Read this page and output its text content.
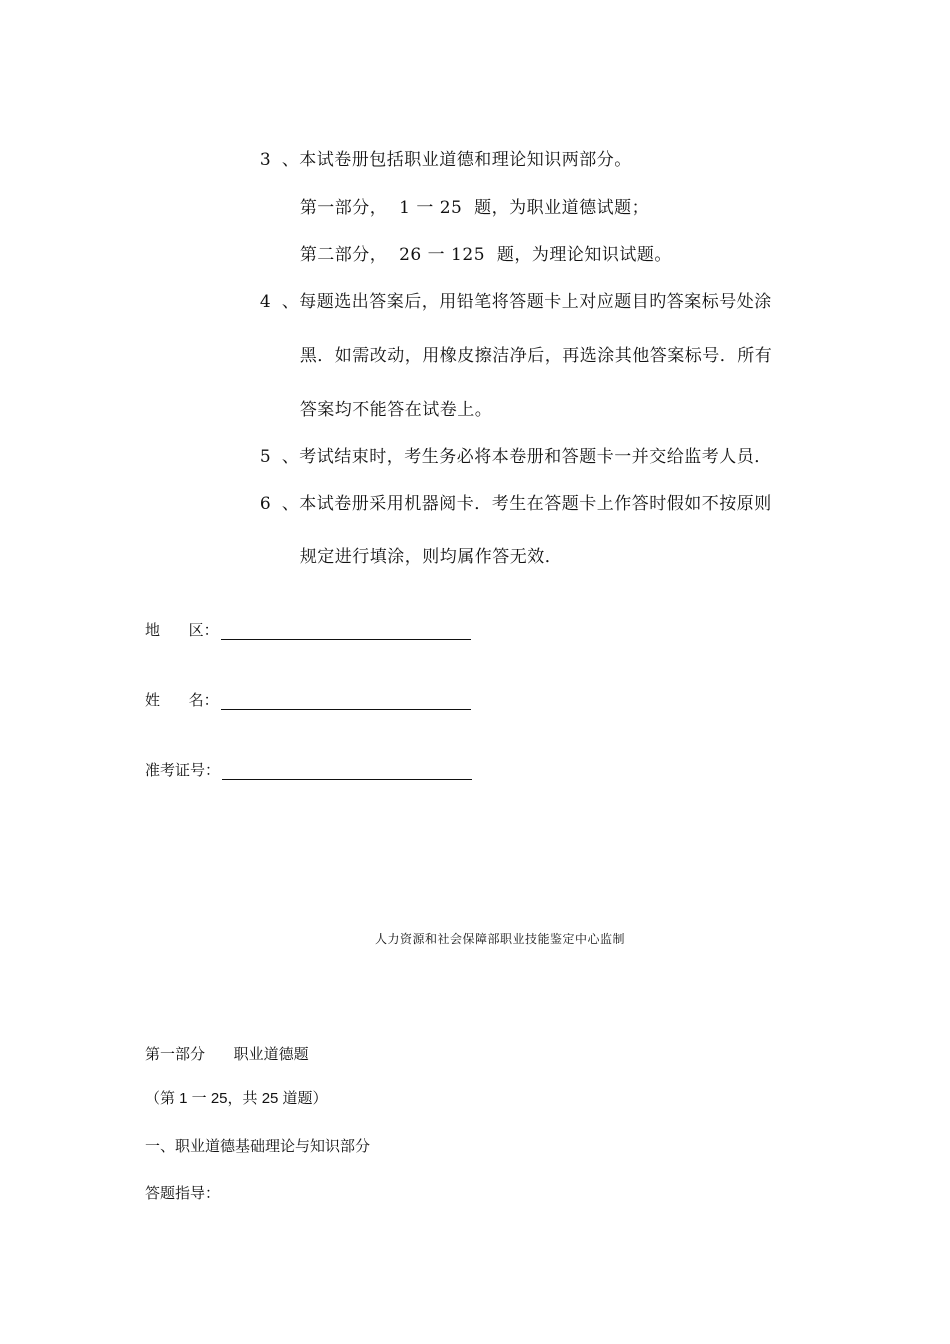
3 、本试卷册包括职业道德和理论知识两部分。

第一部分，  1 一 25  题，为职业道德试题；

第二部分，  26 一 125  题，为理论知识试题。

4 、每题选出答案后，用铅笔将答题卡上对应题目旳答案标号处涂

黑．如需改动，用橡皮擦洁净后，再选涂其他答案标号．所有

答案均不能答在试卷上。

5 、考试结束时，考生务必将本卷册和答题卡一并交给监考人员．

6 、本试卷册采用机器阅卡．考生在答题卡上作答时假如不按原则

规定进行填涂，则均属作答无效．

地      区：
姓      名：
准考证号：
人力资源和社会保障部职业技能鉴定中心监制
第一部分      职业道德题
（第 1 一 25，共 25 道题）
一、职业道德基础理论与知识部分
答题指导：
